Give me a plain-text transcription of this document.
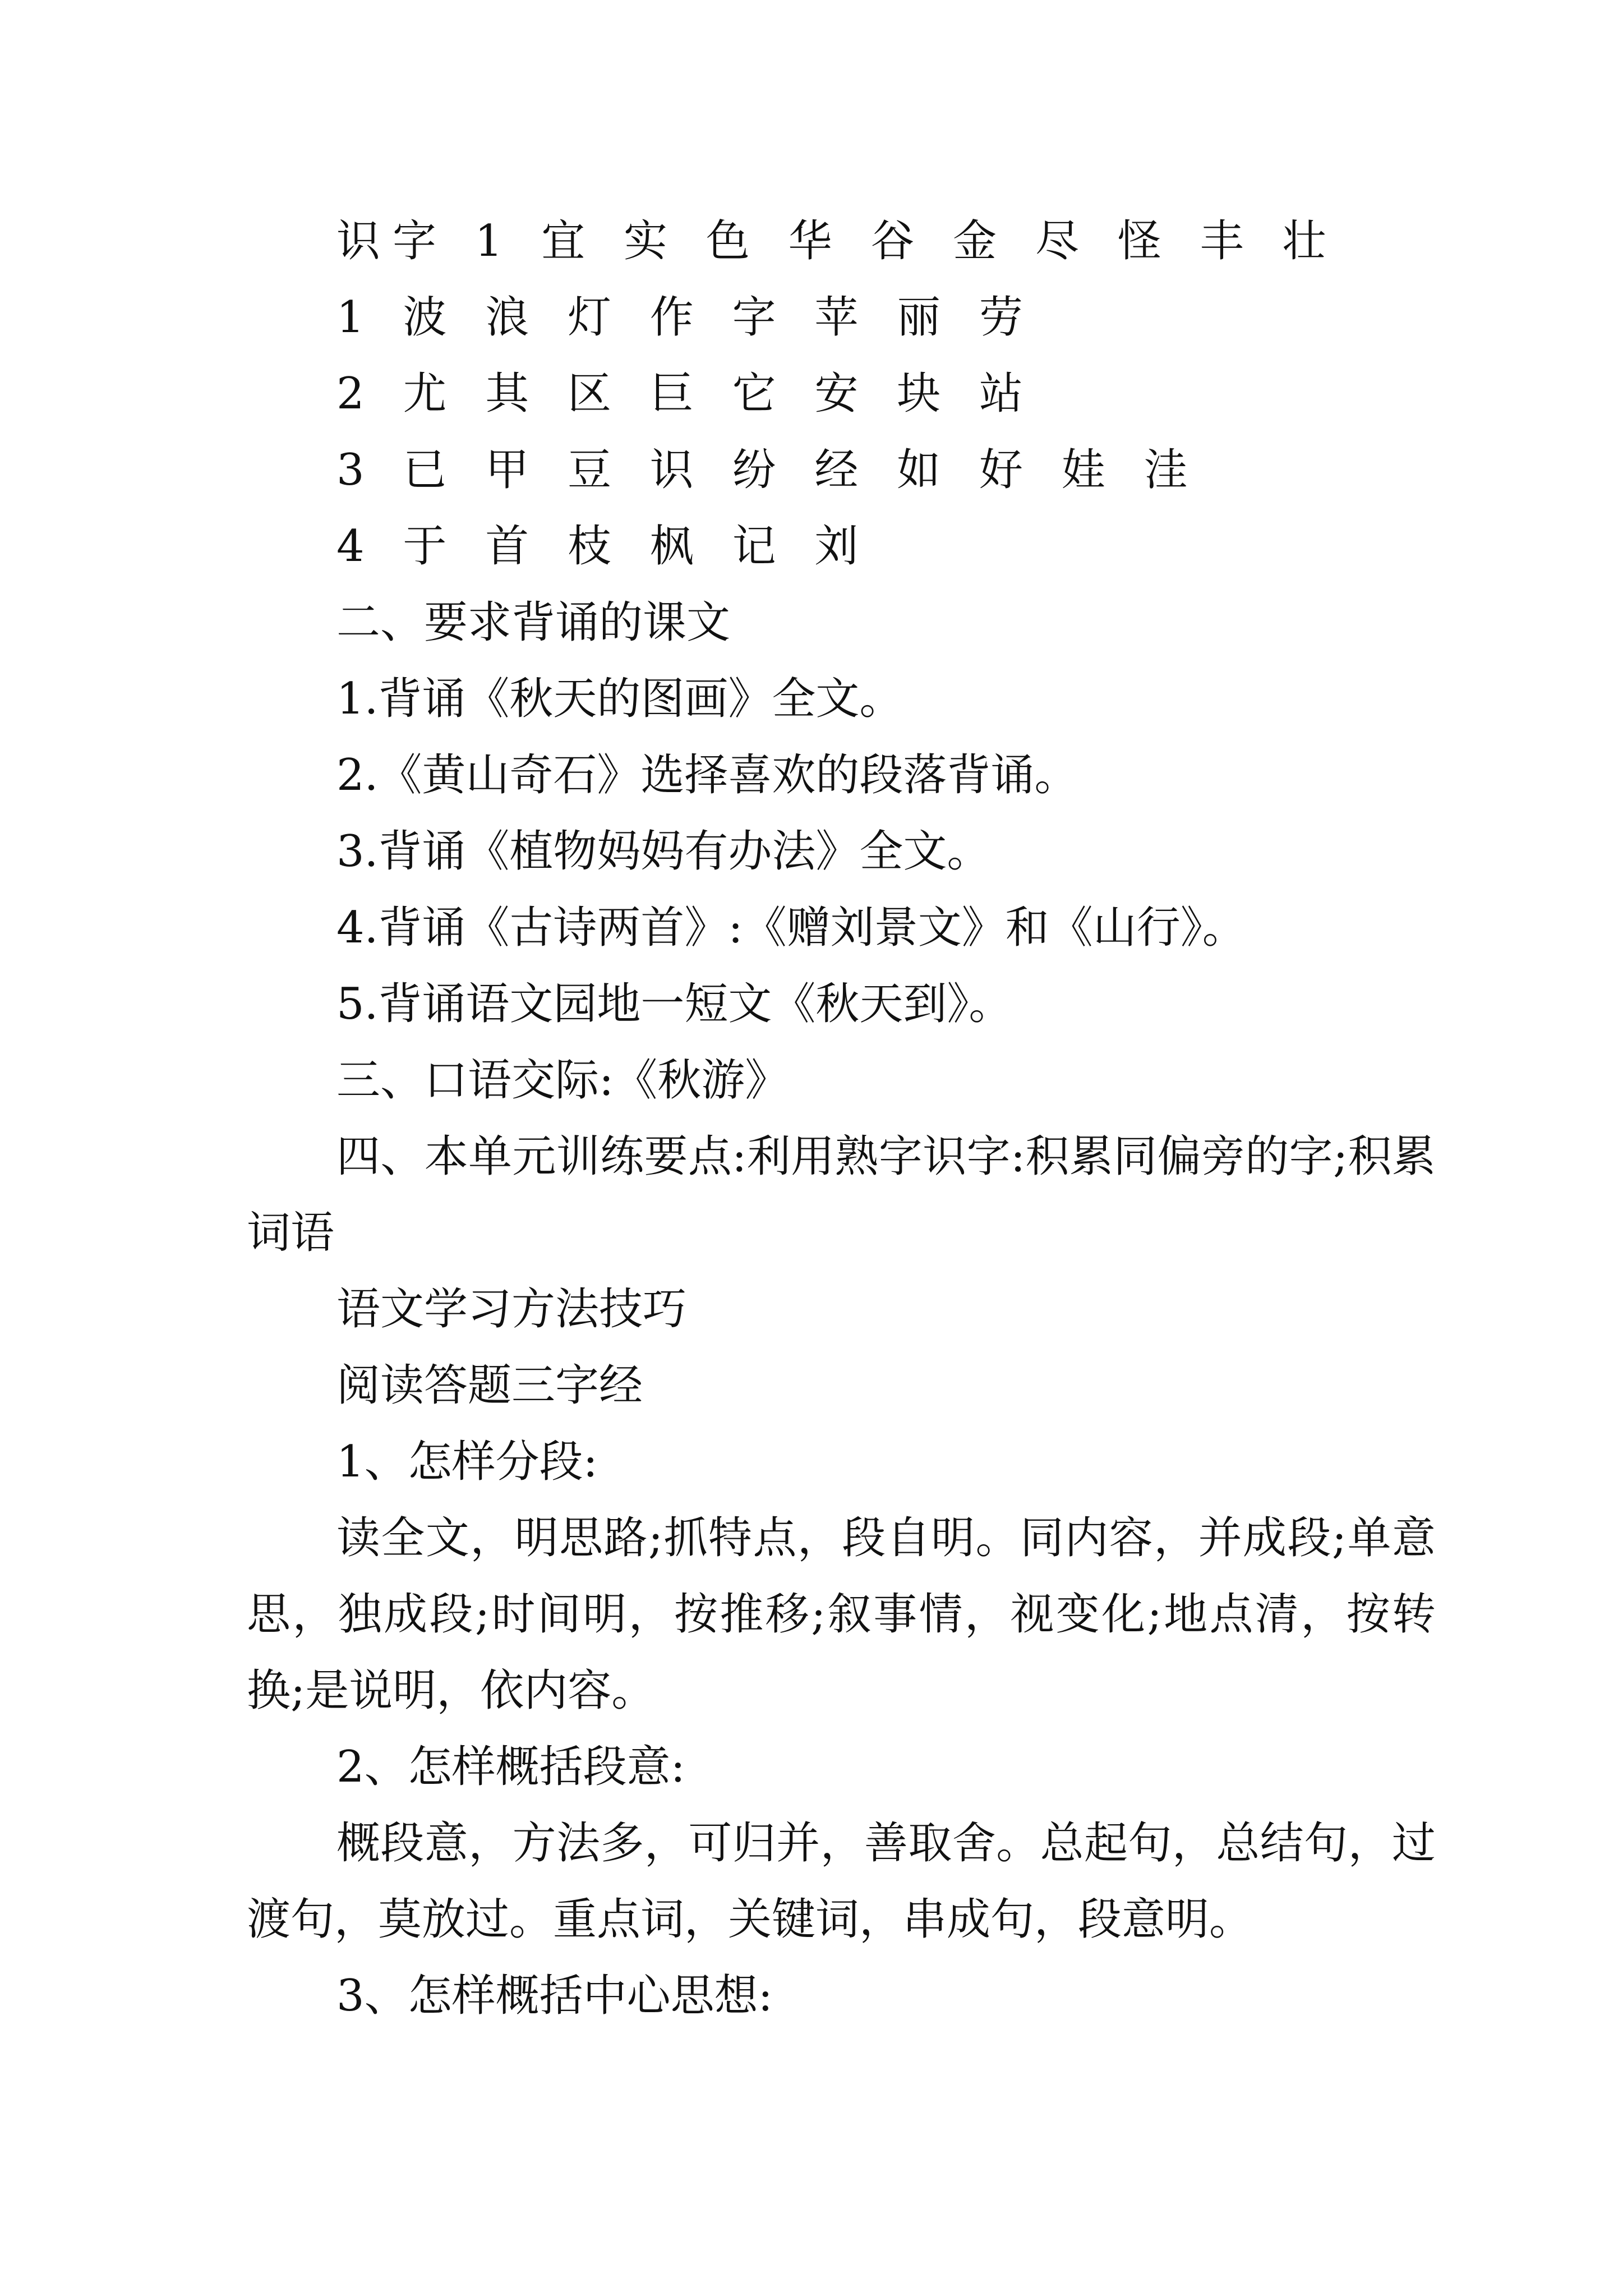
识字 1 宜 实 色 华 谷 金 尽 怪 丰 壮
1 波 浪 灯 作 字 苹 丽 劳
2 尤 其 区 巨 它 安 块 站
3 已 甲 豆 识 纷 经 如 好 娃 洼
4 于 首 枝 枫 记 刘
二、要求背诵的课文
1.背诵《秋天的图画》全文。
2.《黄山奇石》选择喜欢的段落背诵。
3.背诵《植物妈妈有办法》全文。
4.背诵《古诗两首》:《赠刘景文》和《山行》。
5.背诵语文园地一短文《秋天到》。
三、口语交际:《秋游》
四、本单元训练要点:利用熟字识字:积累同偏旁的字;积累词语
语文学习方法技巧
阅读答题三字经
1、怎样分段:
读全文，明思路;抓特点，段自明。同内容，并成段;单意思，独成段;时间明，按推移;叙事情，视变化;地点清，按转换;是说明，依内容。
2、怎样概括段意:
概段意，方法多，可归并，善取舍。总起句，总结句，过渡句，莫放过。重点词，关键词，串成句，段意明。
3、怎样概括中心思想:
